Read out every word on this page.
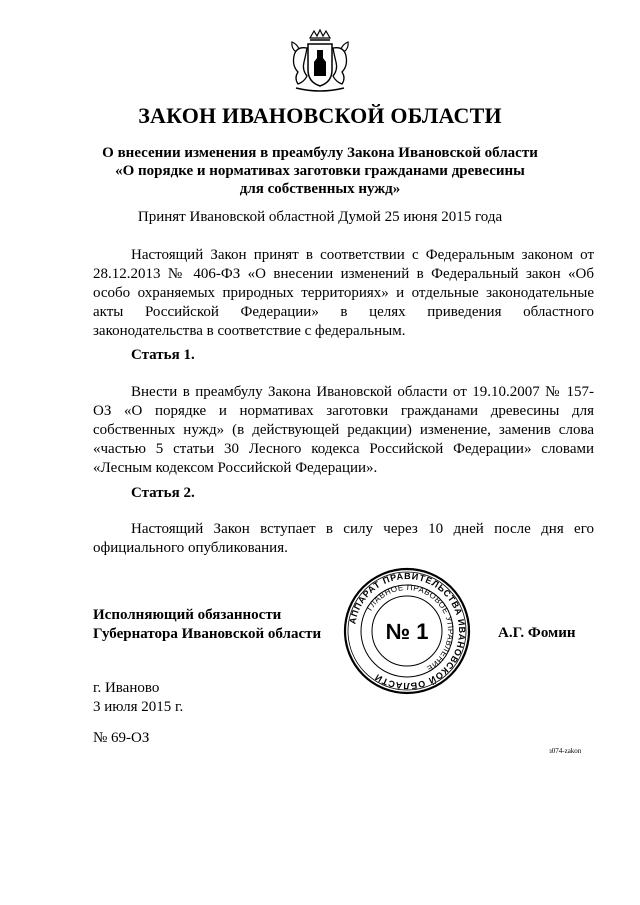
ЗАКОН ИВАНОВСКОЙ ОБЛАСТИ
О внесении изменения в преамбулу Закона Ивановской области
«О порядке и нормативах заготовки гражданами древесины
для собственных нужд»
Принят Ивановской областной Думой 25 июня 2015 года
Настоящий Закон принят в соответствии с Федеральным законом от 28.12.2013 № 406-ФЗ «О внесении изменений в Федеральный закон «Об особо охраняемых природных территориях» и отдельные законодательные акты Российской Федерации» в целях приведения областного законодательства в соответствие с федеральным.
Статья 1.
Внести в преамбулу Закона Ивановской области от 19.10.2007 № 157-ОЗ «О порядке и нормативах заготовки гражданами древесины для собственных нужд» (в действующей редакции) изменение, заменив слова «частью 5 статьи 30 Лесного кодекса Российской Федерации» словами «Лесным кодексом Российской Федерации».
Статья 2.
Настоящий Закон вступает в силу через 10 дней после дня его официального опубликования.
Исполняющий обязанности
Губернатора Ивановской области
АППАРАТ ПРАВИТЕЛЬСТВА ИВАНОВСКОЙ ОБЛАСТИ
ГЛАВНОЕ ПРАВОВОЕ УПРАВЛЕНИЕ
№ 1	А.Г. Фомин
г. Иваново
3 июля 2015 г.
№ 69-ОЗ
з074-zakon
